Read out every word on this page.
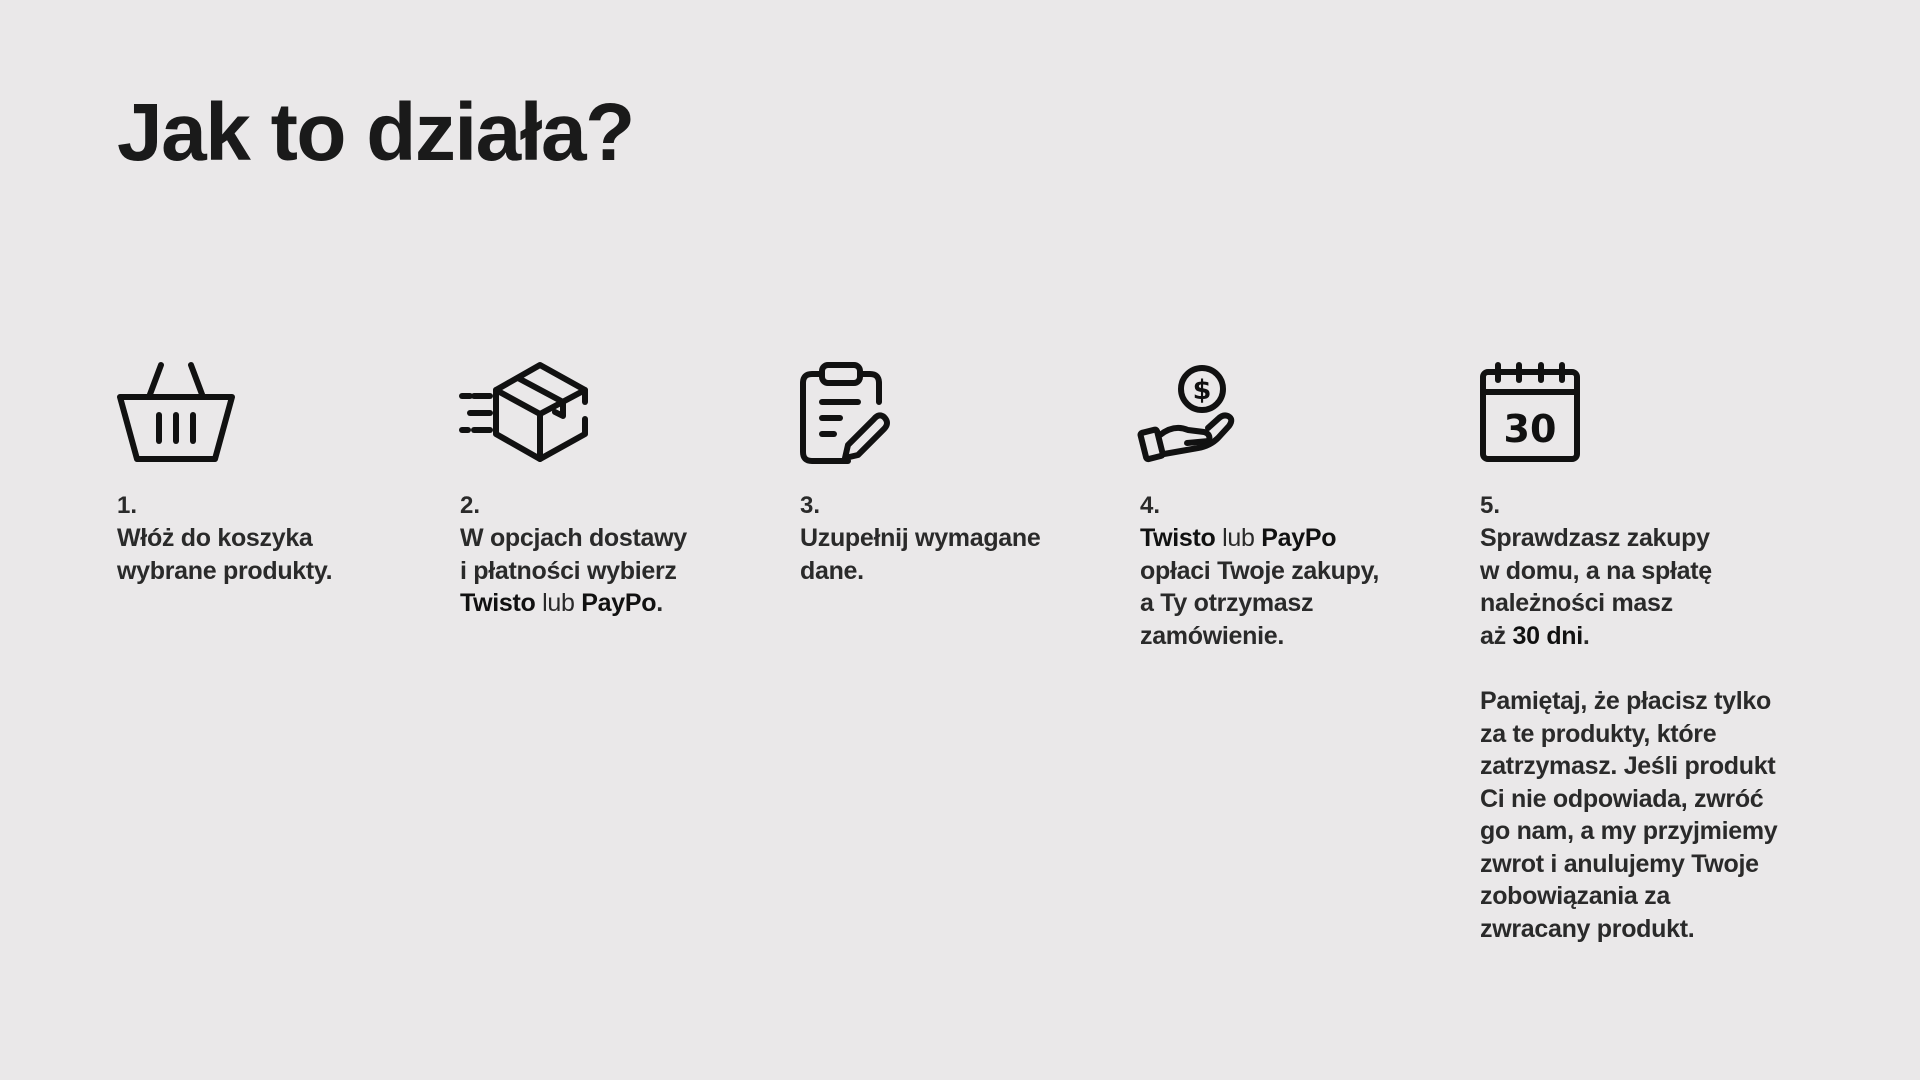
Jak to działa?
1.

Włóż do koszyka
wybrane produkty.

2.

W opcjach dostawy
i płatności wybierz
Twisto lub PayPo.

3.

Uzupełnij wymagane
dane.

$
4.

Twisto lub PayPo
opłaci Twoje zakupy,
a Ty otrzymasz
zamówienie.

30
5.

Sprawdzasz zakupy
w domu, a na spłatę
należności masz
aż 30 dni.

Pamiętaj, że płacisz tylko
za te produkty, które
zatrzymasz. Jeśli produkt
Ci nie odpowiada, zwróć
go nam, a my przyjmiemy
zwrot i anulujemy Twoje
zobowiązania za
zwracany produkt.
